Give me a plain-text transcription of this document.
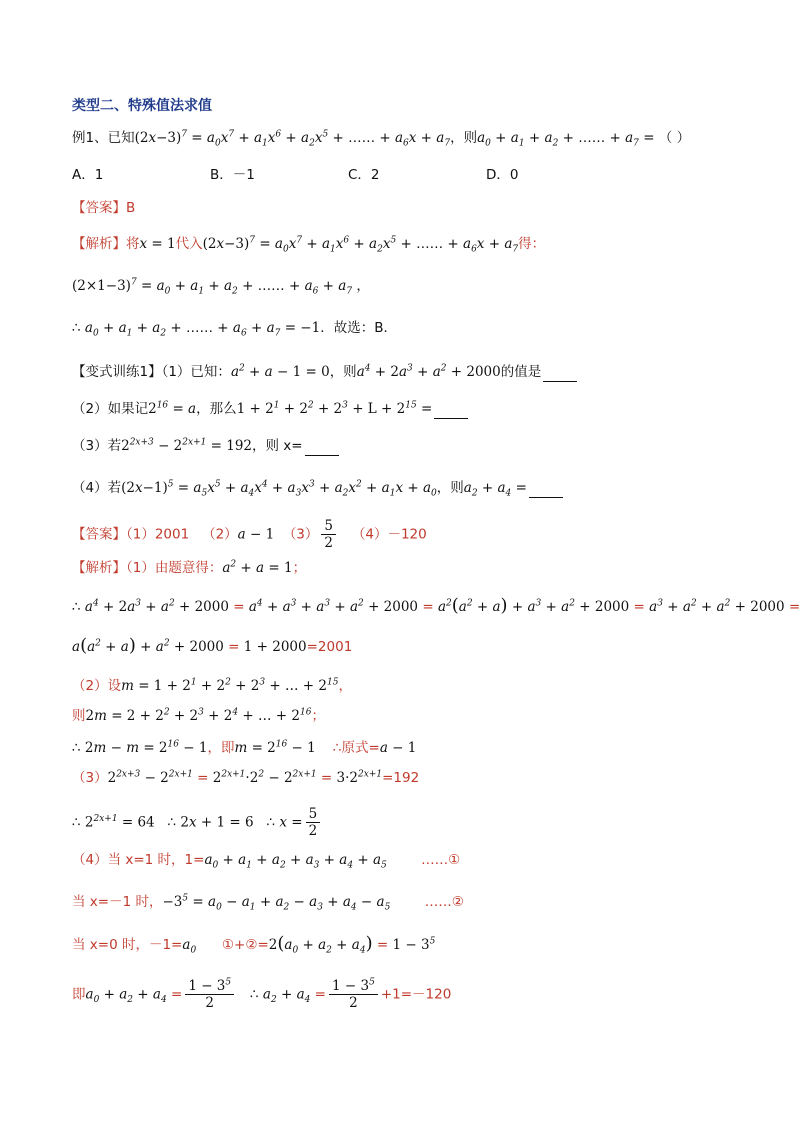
类型二、特殊值法求值
例1、已知$(2x-3)^7 = a_0x^7 + a_1x^6 + a_2x^5$ + …… + $a_6x + a_7$，则$a_0 + a_1 + a_2$ + …… + $a_7$ = （ ）
A．1	B．－1	C．2	D．0
【答案】B
【解析】将x = 1代入$(2x-3)^7 = a_0x^7 + a_1x^6 + a_2x^5$ + …… + $a_6x + a_7$得：
$(2\times 1-3)^7 = a_0 + a_1 + a_2$ + …… + $a_6 + a_7$ ，
∴ $a_0 + a_1 + a_2$ + …… + $a_6 + a_7 = -1$．故选：B．
【变式训练1】（1）已知：$a^2 + a - 1 = 0$，则$a^4 + 2a^3 + a^2 + 2000$的值是
（2）如果记$2^{16} = a$，那么$1 + 2^1 + 2^2 + 2^3 + L + 2^{15}$ =
（3）若$2^{2x+3} - 2^{2x+1} = 192$，则 x=
（4）若$(2x-1)^5 = a_5x^5 + a_4x^4 + a_3x^3 + a_2x^2 + a_1x + a_0$，则$a_2 + a_4$ =
【答案】（1）2001 （2）a − 1 $(3) \frac{5}{2} (4)-120$
【解析】（1）由题意得：$a^2 + a = 1$；
∴ $a^4 + 2a^3 + a^2 + 2000 = a^4 + a^3 + a^3 + a^2 + 2000 = a^2(a^2 + a) + a^3 + a^2 + 2000 = a^3 + a^2 + a^2 + 2000$ =
$a(a^2 + a) + a^2 + 2000 = 1 + 2000=2001$
（2）设$m = 1 + 2^1 + 2^2 + 2^3$ + … + $2^{15}$，
则$2m = 2 + 2^2 + 2^3 + 2^4$ + … + $2^{16}$；
∴ $2m - m = 2^{16} - 1$，即$m = 2^{16} - 1$ ∴原式=a − 1
$(3)2^{2x+3} - 2^{2x+1} = 2^{2x+1}\cdot 2^2 - 2^{2x+1} = 3\cdot 2^{2x+1}=192$
∴ $2^{2x+1} = 64$   ∴ 2x + 1 = 6   ∴ $x = \frac{5}{2}$
（4）当 x=1 时，$1=a_0 + a_1 + a_2 + a_3 + a_4 + a_5$	……①
当 x=－1 时，$-3^5 = a_0 - a_1 + a_2 - a_3 + a_4 - a_5$	……②
当 x=0 时，$-1=a_0$ $①+②=2(a_0 + a_2 + a_4) = 1 - 3^5$
即$a_0 + a_2 + a_4 = \frac{1 - 3^5}{2}$ ∴ $a_2 + a_4 = \frac{1 - 3^5}{2} +1=-120$
